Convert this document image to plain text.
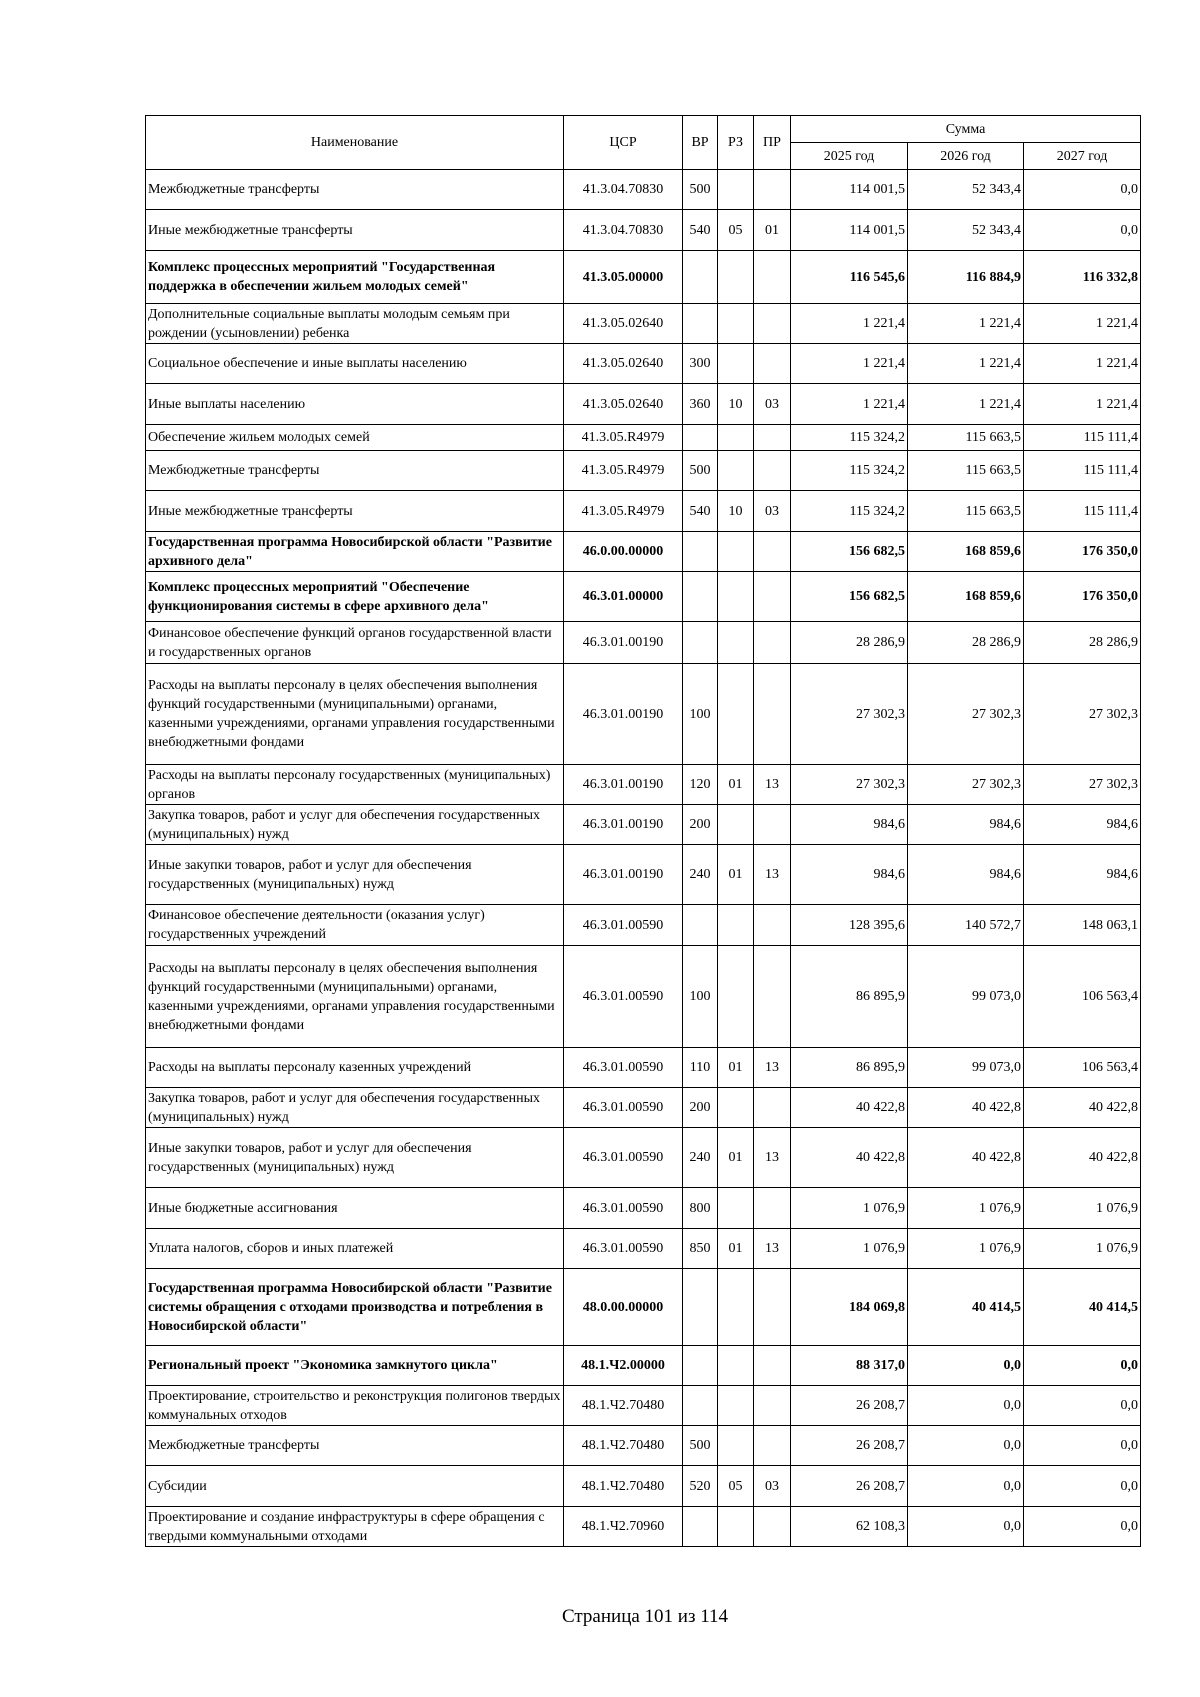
Наименование	ЦСР	ВР	РЗ	ПР	Сумма		
					2025 год	2026 год	2027 год
Межбюджетные трансферты	41.3.04.70830	500			114 001,5	52 343,4	0,0
Иные межбюджетные трансферты	41.3.04.70830	540	05	01	114 001,5	52 343,4	0,0
Комплекс процессных мероприятий "Государственная поддержка в обеспечении жильем молодых семей"	41.3.05.00000				116 545,6	116 884,9	116 332,8
Дополнительные социальные выплаты молодым семьям при рождении (усыновлении) ребенка	41.3.05.02640				1 221,4	1 221,4	1 221,4
Социальное обеспечение и иные выплаты населению	41.3.05.02640	300			1 221,4	1 221,4	1 221,4
Иные выплаты населению	41.3.05.02640	360	10	03	1 221,4	1 221,4	1 221,4
Обеспечение жильем молодых семей	41.3.05.R4979				115 324,2	115 663,5	115 111,4
Межбюджетные трансферты	41.3.05.R4979	500			115 324,2	115 663,5	115 111,4
Иные межбюджетные трансферты	41.3.05.R4979	540	10	03	115 324,2	115 663,5	115 111,4
Государственная программа Новосибирской области "Развитие архивного дела"	46.0.00.00000				156 682,5	168 859,6	176 350,0
Комплекс процессных мероприятий "Обеспечение функционирования системы в сфере архивного дела"	46.3.01.00000				156 682,5	168 859,6	176 350,0
Финансовое обеспечение функций органов государственной власти и государственных органов	46.3.01.00190				28 286,9	28 286,9	28 286,9
Расходы на выплаты персоналу в целях обеспечения выполнения функций государственными (муниципальными) органами, казенными учреждениями, органами управления государственными внебюджетными фондами	46.3.01.00190	100			27 302,3	27 302,3	27 302,3
Расходы на выплаты персоналу государственных (муниципальных) органов	46.3.01.00190	120	01	13	27 302,3	27 302,3	27 302,3
Закупка товаров, работ и услуг для обеспечения государственных (муниципальных) нужд	46.3.01.00190	200			984,6	984,6	984,6
Иные закупки товаров, работ и услуг для обеспечения государственных (муниципальных) нужд	46.3.01.00190	240	01	13	984,6	984,6	984,6
Финансовое обеспечение деятельности (оказания услуг) государственных учреждений	46.3.01.00590				128 395,6	140 572,7	148 063,1
Расходы на выплаты персоналу в целях обеспечения выполнения функций государственными (муниципальными) органами, казенными учреждениями, органами управления государственными внебюджетными фондами	46.3.01.00590	100			86 895,9	99 073,0	106 563,4
Расходы на выплаты персоналу казенных учреждений	46.3.01.00590	110	01	13	86 895,9	99 073,0	106 563,4
Закупка товаров, работ и услуг для обеспечения государственных (муниципальных) нужд	46.3.01.00590	200			40 422,8	40 422,8	40 422,8
Иные закупки товаров, работ и услуг для обеспечения государственных (муниципальных) нужд	46.3.01.00590	240	01	13	40 422,8	40 422,8	40 422,8
Иные бюджетные ассигнования	46.3.01.00590	800			1 076,9	1 076,9	1 076,9
Уплата налогов, сборов и иных платежей	46.3.01.00590	850	01	13	1 076,9	1 076,9	1 076,9
Государственная программа Новосибирской области "Развитие системы обращения с отходами производства и потребления в Новосибирской области"	48.0.00.00000				184 069,8	40 414,5	40 414,5
Региональный проект "Экономика замкнутого цикла"	48.1.Ч2.00000				88 317,0	0,0	0,0
Проектирование, строительство и реконструкция полигонов твердых коммунальных отходов	48.1.Ч2.70480				26 208,7	0,0	0,0
Межбюджетные трансферты	48.1.Ч2.70480	500			26 208,7	0,0	0,0
Субсидии	48.1.Ч2.70480	520	05	03	26 208,7	0,0	0,0
Проектирование и создание инфраструктуры в сфере обращения с твердыми коммунальными отходами	48.1.Ч2.70960				62 108,3	0,0	0,0
Страница 101 из 114
